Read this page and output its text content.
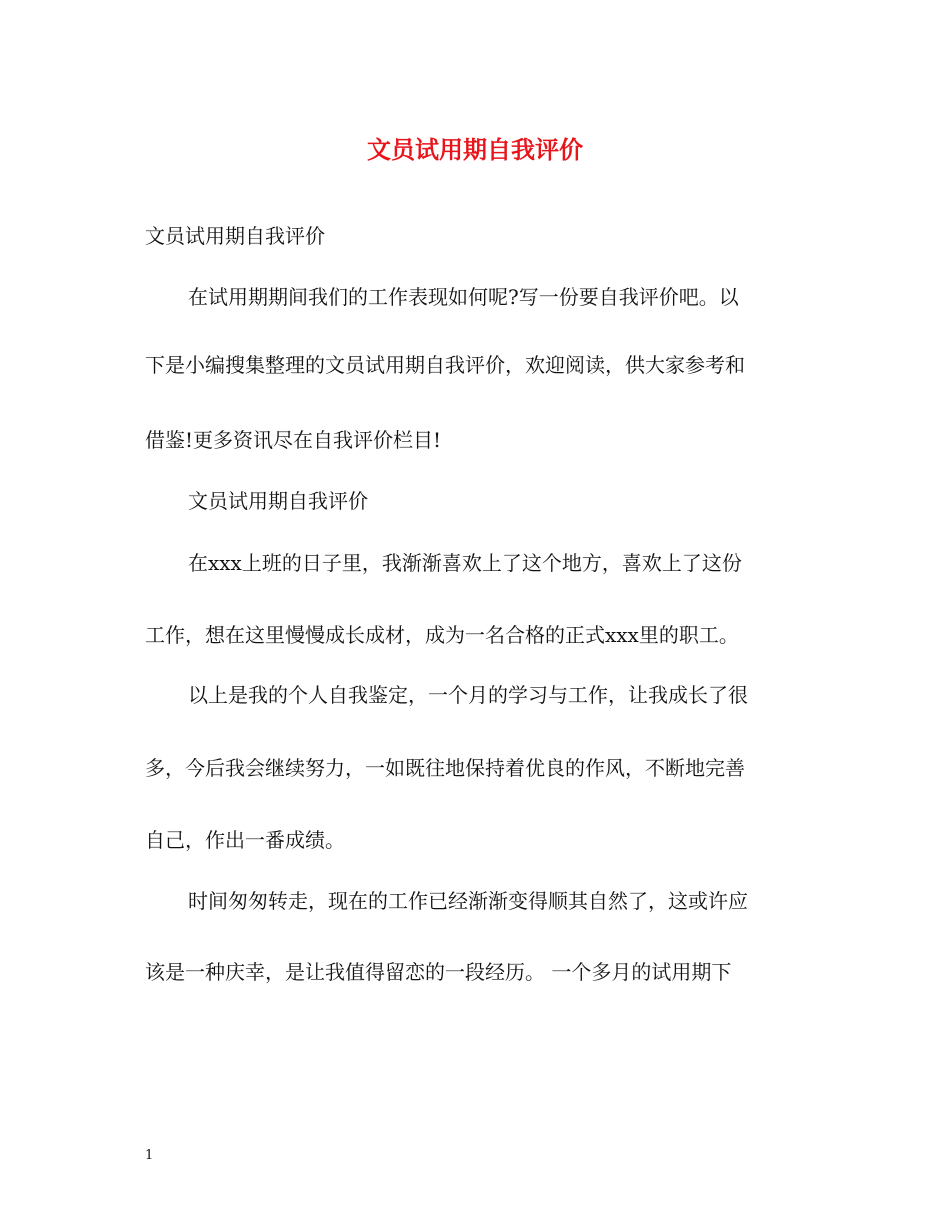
文员试用期自我评价
文员试用期自我评价
在试用期期间我们的工作表现如何呢?写一份要自我评价吧。以
下是小编搜集整理的文员试用期自我评价，欢迎阅读，供大家参考和
借鉴!更多资讯尽在自我评价栏目!
文员试用期自我评价
在xxx上班的日子里，我渐渐喜欢上了这个地方，喜欢上了这份
工作，想在这里慢慢成长成材，成为一名合格的正式xxx里的职工。
以上是我的个人自我鉴定，一个月的学习与工作，让我成长了很
多，今后我会继续努力，一如既往地保持着优良的作风，不断地完善
自己，作出一番成绩。
时间匆匆转走，现在的工作已经渐渐变得顺其自然了，这或许应
该是一种庆幸，是让我值得留恋的一段经历。 一个多月的试用期下
1
